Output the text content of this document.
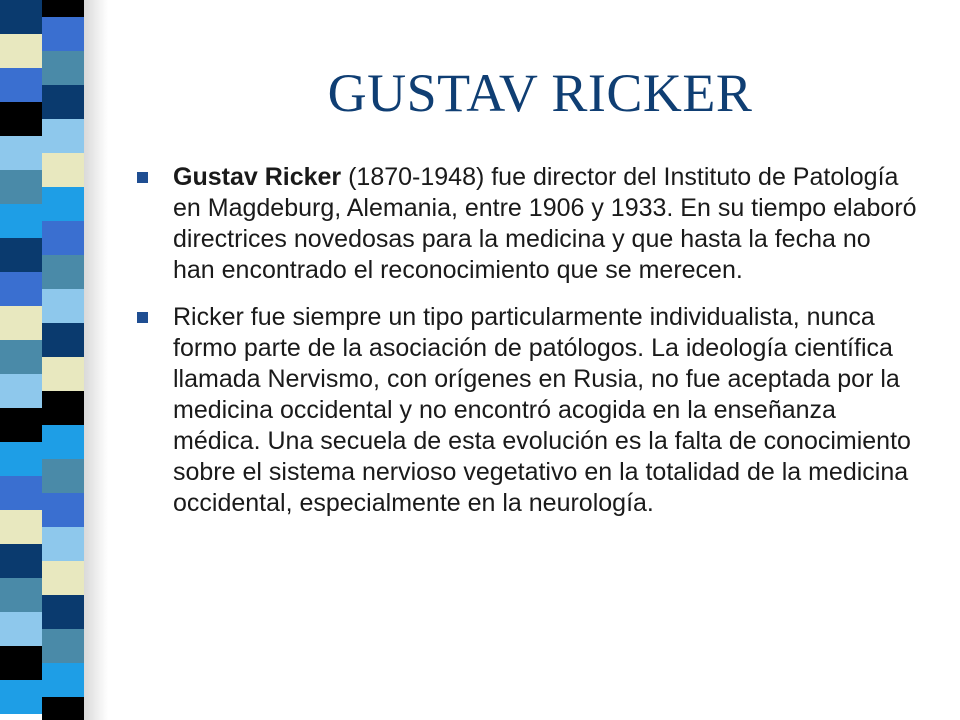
GUSTAV RICKER
Gustav Ricker (1870-1948) fue director del Instituto de Patología en Magdeburg, Alemania, entre 1906 y 1933. En su tiempo elaboró directrices novedosas para la medicina y que hasta la fecha no han encontrado el reconocimiento que se merecen.
Ricker fue siempre un tipo particularmente individualista, nunca formo parte de la asociación de patólogos. La ideología científica llamada Nervismo, con orígenes en Rusia, no fue aceptada por la medicina occidental y no encontró acogida en la enseñanza médica. Una secuela de esta evolución es la falta de conocimiento sobre el sistema nervioso vegetativo en la totalidad de la medicina occidental, especialmente en la neurología.
